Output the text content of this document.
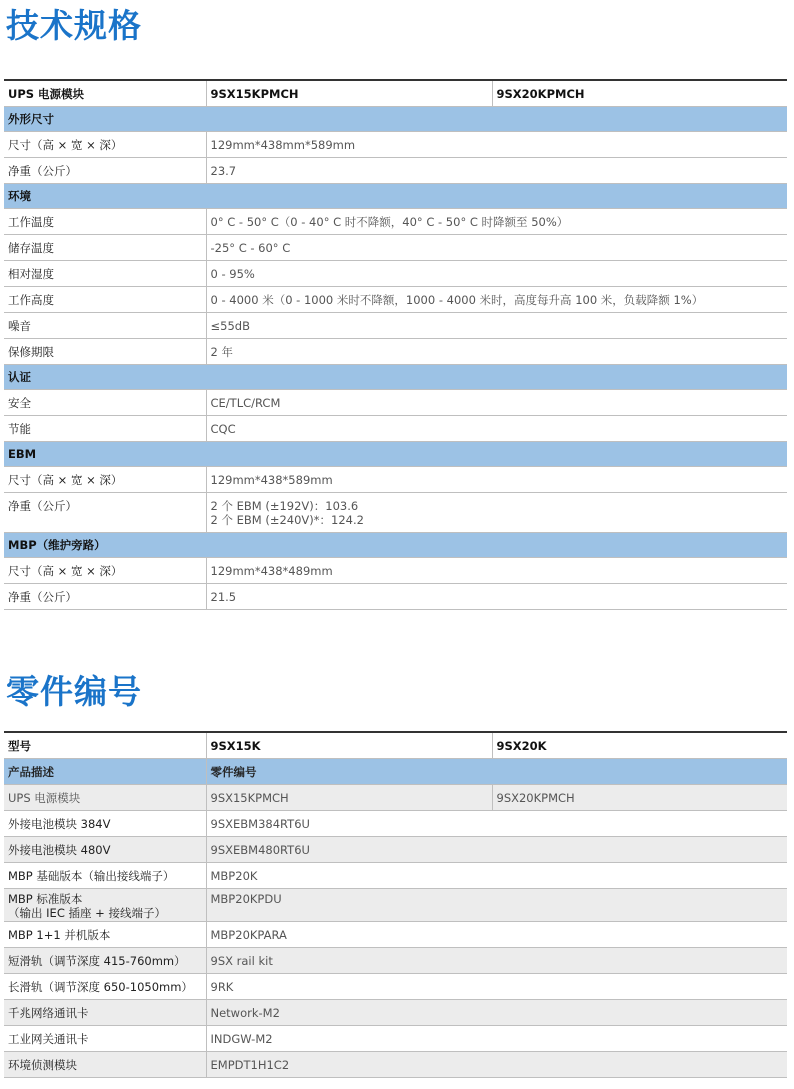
技术规格
UPS 电源模块	9SX15KPMCH	9SX20KPMCH
外形尺寸		
尺寸（高 × 宽 × 深）	129mm*438mm*589mm	
净重（公斤）	23.7	
环境		
工作温度	0° C - 50° C（0 - 40° C 时不降额，40° C - 50° C 时降额至 50%）	
储存温度	-25° C - 60° C	
相对湿度	0 - 95%	
工作高度	0 - 4000 米（0 - 1000 米时不降额，1000 - 4000 米时，高度每升高 100 米，负载降额 1%）	
噪音	≤55dB	
保修期限	2 年	
认证		
安全	CE/TLC/RCM	
节能	CQC	
EBM		
尺寸（高 × 宽 × 深）	129mm*438*589mm	
净重（公斤）	2 个 EBM (±192V)：103.6
2 个 EBM (±240V)*：124.2	

MBP（维护旁路）		
尺寸（高 × 宽 × 深）	129mm*438*489mm	
净重（公斤）	21.5	
零件编号
型号	9SX15K	9SX20K
产品描述	零件编号	
UPS 电源模块	9SX15KPMCH	9SX20KPMCH
外接电池模块 384V	9SXEBM384RT6U	
外接电池模块 480V	9SXEBM480RT6U	
MBP 基础版本（输出接线端子）	MBP20K	

MBP 标准版本
（输出 IEC 插座 + 接线端子）	MBP20KPDU	
MBP 1+1 并机版本	MBP20KPARA	
短滑轨（调节深度 415-760mm）	9SX rail kit	
长滑轨（调节深度 650-1050mm）	9RK	
千兆网络通讯卡	Network-M2	
工业网关通讯卡	INDGW-M2	
环境侦测模块	EMPDT1H1C2	
